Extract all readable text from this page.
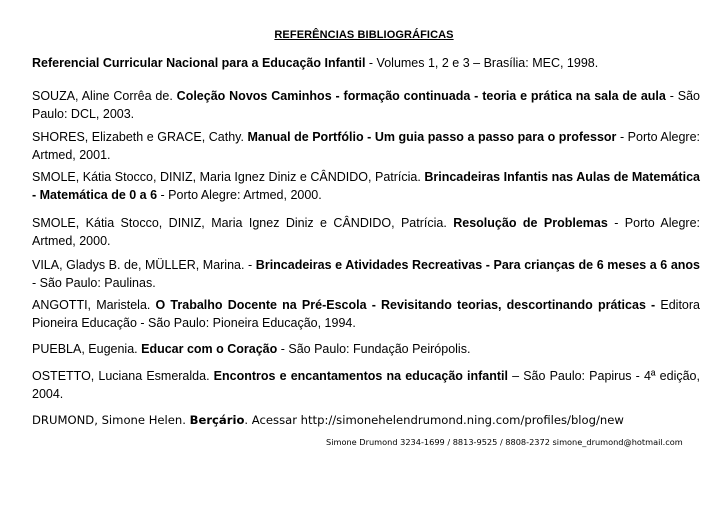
REFERÊNCIAS BIBLIOGRÁFICAS

Referencial Curricular Nacional para a Educação Infantil - Volumes 1, 2 e 3 – Brasília: MEC, 1998.

SOUZA, Aline Corrêa de. Coleção Novos Caminhos - formação continuada - teoria e prática na sala de aula - São Paulo: DCL, 2003.

SHORES, Elizabeth e GRACE, Cathy. Manual de Portfólio - Um guia passo a passo para o professor - Porto Alegre: Artmed, 2001.

SMOLE, Kátia Stocco, DINIZ, Maria Ignez Diniz e CÂNDIDO, Patrícia. Brincadeiras Infantis nas Aulas de Matemática - Matemática de 0 a 6 - Porto Alegre: Artmed, 2000.

SMOLE, Kátia Stocco, DINIZ, Maria Ignez Diniz e CÂNDIDO, Patrícia. Resolução de Problemas - Porto Alegre: Artmed, 2000.

VILA, Gladys B. de, MÜLLER, Marina. - Brincadeiras e Atividades Recreativas - Para crianças de 6 meses a 6 anos - São Paulo: Paulinas.

ANGOTTI, Maristela. O Trabalho Docente na Pré-Escola - Revisitando teorias, descortinando práticas - Editora Pioneira Educação - São Paulo: Pioneira Educação, 1994.

PUEBLA, Eugenia. Educar com o Coração - São Paulo: Fundação Peirópolis.

OSTETTO, Luciana Esmeralda. Encontros e encantamentos na educação infantil – São Paulo: Papirus - 4ª edição, 2004.

DRUMOND, Simone Helen. Berçário. Acessar http://simonehelendrumond.ning.com/profiles/blog/new

Simone Drumond 3234-1699 / 8813-9525 / 8808-2372 simone_drumond@hotmail.com
